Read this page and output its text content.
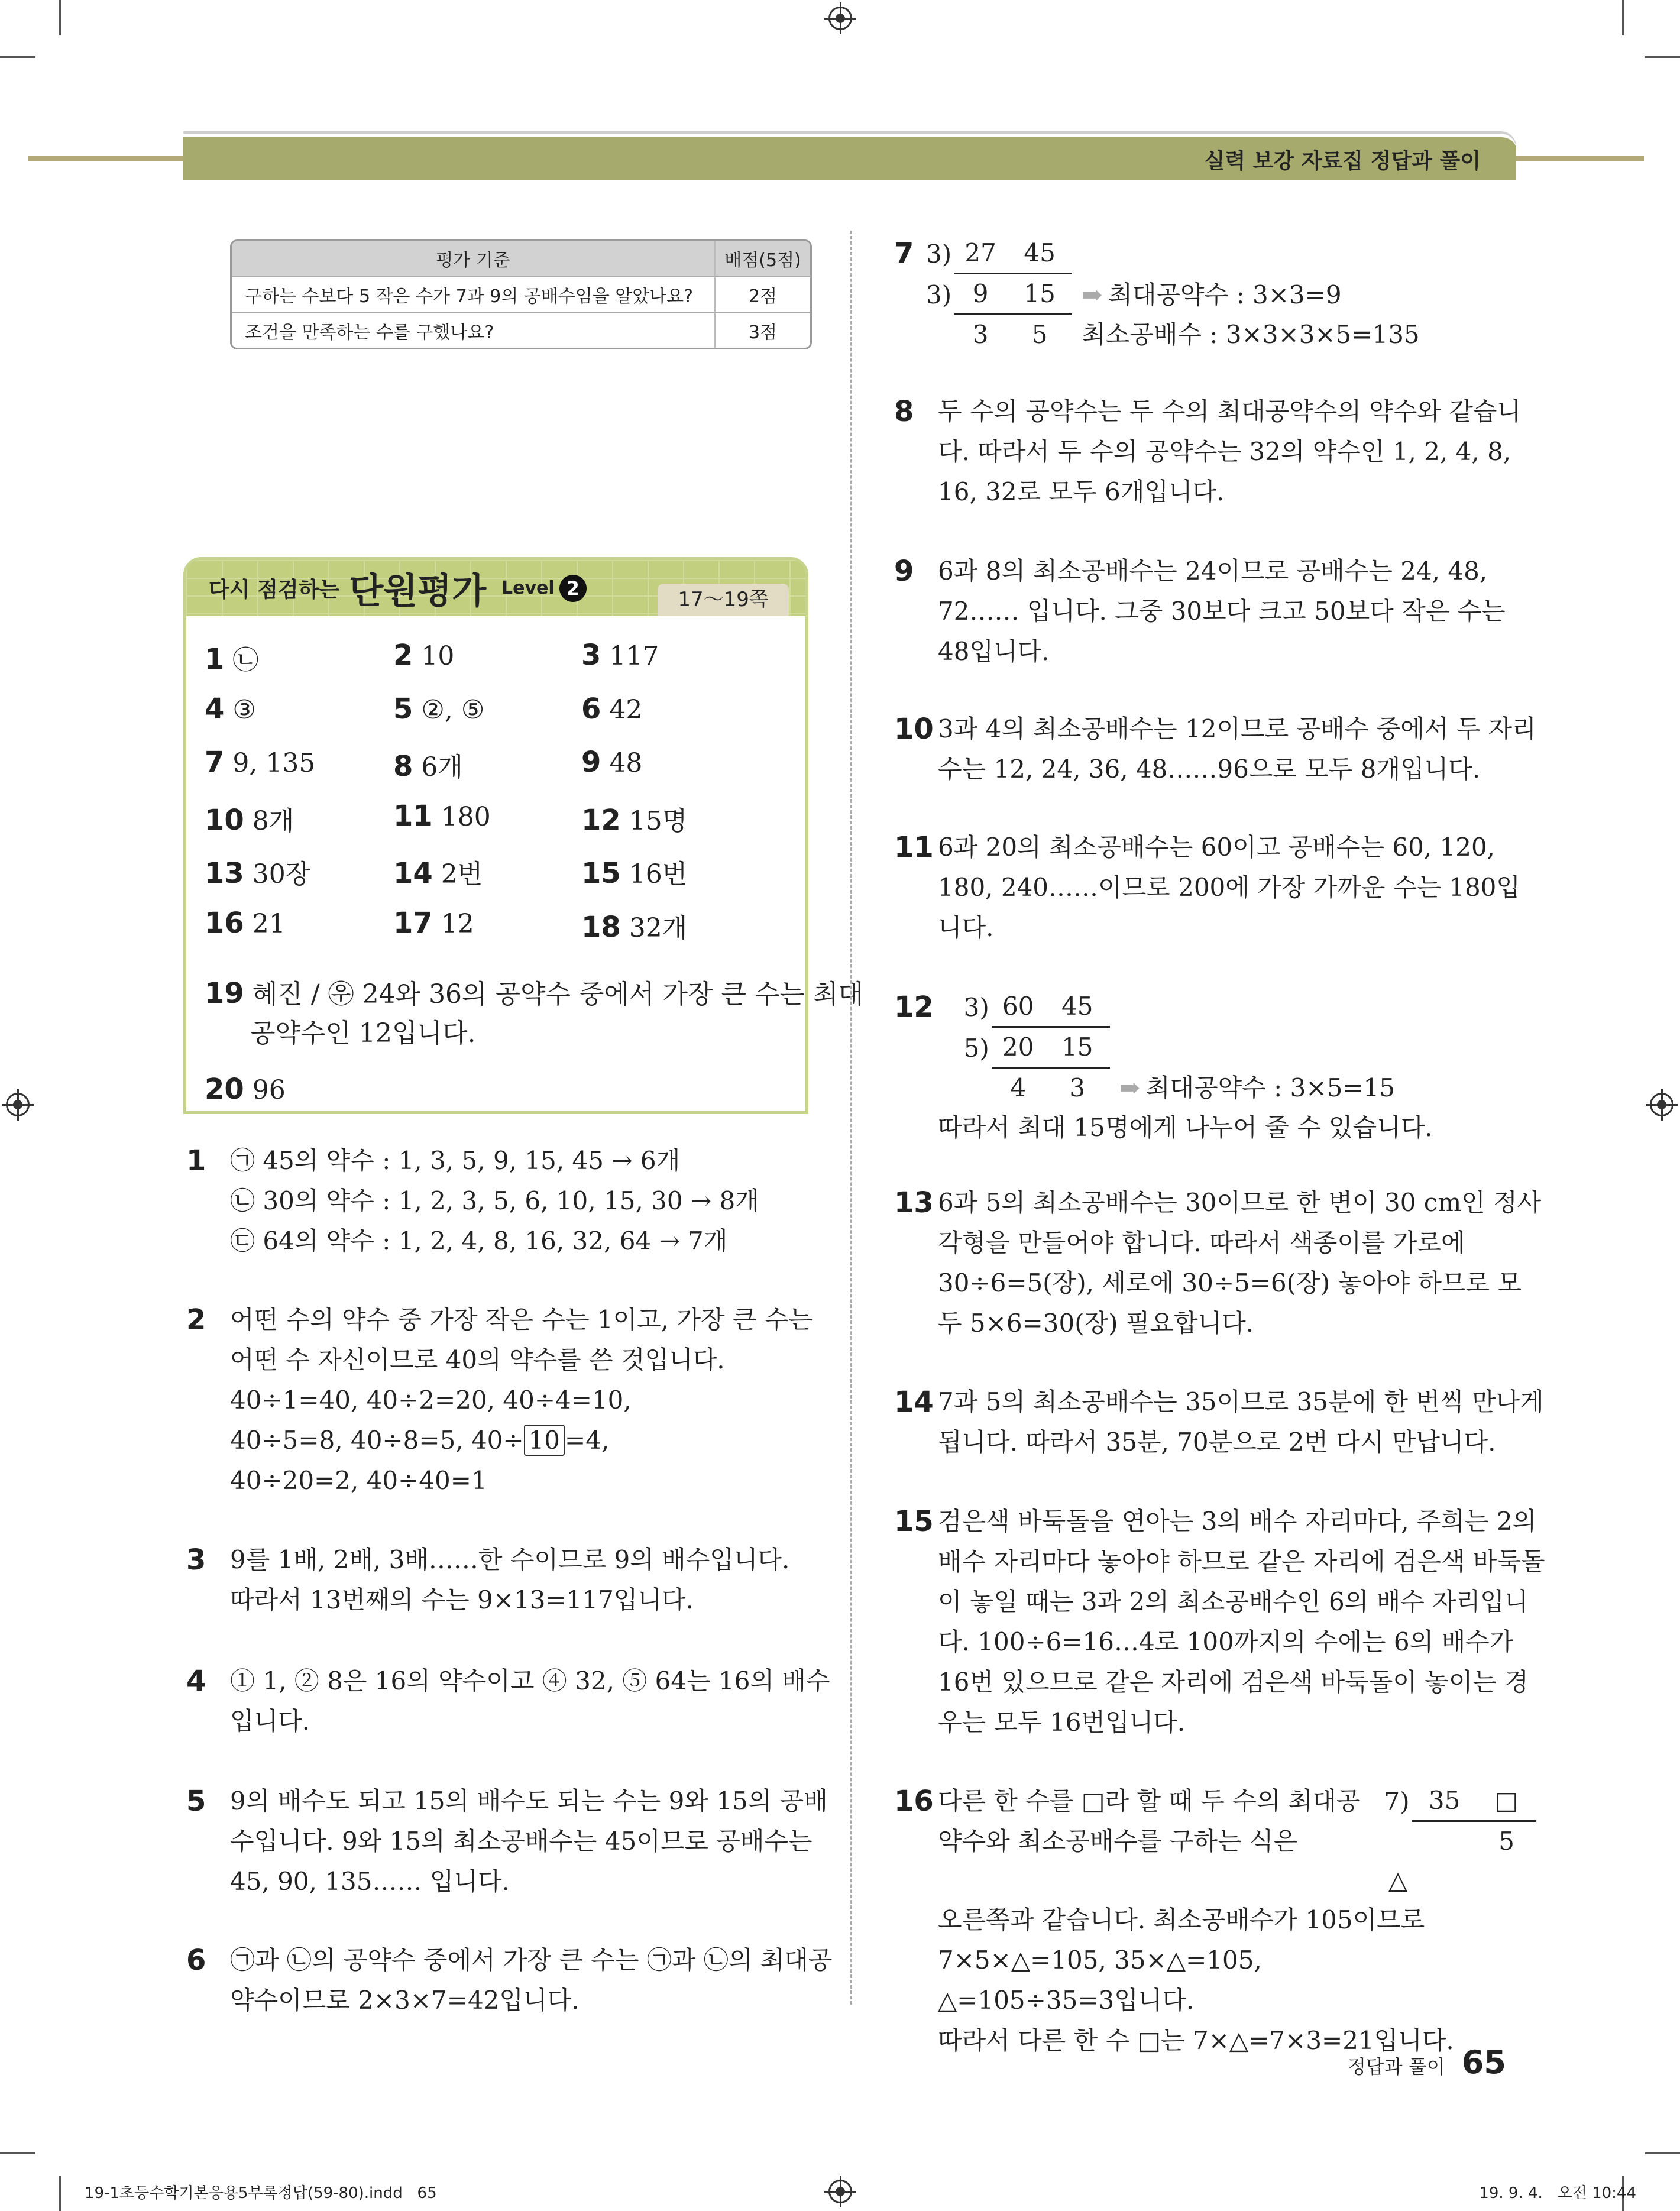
실력 보강 자료집 정답과 풀이
평가 기준	배점(5점)
구하는 수보다 5 작은 수가 7과 9의 공배수임을 알았나요?	2점
조건을 만족하는 수를 구했나요?	3점
다시 점검하는 단원평가 Level 2	17～19쪽
1 ㉡	2 10	3 117
4 ③	5 ②, ⑤	6 42
7 9, 135	8 6개	9 48
10 8개	11 180	12 15명
13 30장	14 2번	15 16번
16 21	17 12	18 32개
19 혜진 / ㉾ 24와 36의 공약수 중에서 가장 큰 수는 최대
공약수인 12입니다.
20 96
1 ㉠ 45의 약수 : 1, 3, 5, 9, 15, 45 → 6개
㉡ 30의 약수 : 1, 2, 3, 5, 6, 10, 15, 30 → 8개
㉢ 64의 약수 : 1, 2, 4, 8, 16, 32, 64 → 7개
2 어떤 수의 약수 중 가장 작은 수는 1이고, 가장 큰 수는
어떤 수 자신이므로 40의 약수를 쓴 것입니다.
40÷1=40, 40÷2=20, 40÷4=10,
40÷5=8, 40÷8=5, 40÷ 10 =4,
40÷20=2, 40÷40=1
3 9를 1배, 2배, 3배……한 수이므로 9의 배수입니다.
따라서 13번째의 수는 9×13=117입니다.
4 ① 1, ② 8은 16의 약수이고 ④ 32, ⑤ 64는 16의 배수
입니다.
5 9의 배수도 되고 15의 배수도 되는 수는 9와 15의 공배
수입니다. 9와 15의 최소공배수는 45이므로 공배수는
45, 90, 135…… 입니다.
6 ㉠과 ㉡의 공약수 중에서 가장 큰 수는 ㉠과 ㉡의 최대공
약수이므로 2×3×7=42입니다.
7 3) 27	45
3) 9	15	➡ 최대공약수 : 3×3=9
3	5	최소공배수 : 3×3×3×5=135
8 두 수의 공약수는 두 수의 최대공약수의 약수와 같습니
다. 따라서 두 수의 공약수는 32의 약수인 1, 2, 4, 8,
16, 32로 모두 6개입니다.
9 6과 8의 최소공배수는 24이므로 공배수는 24, 48,
72…… 입니다. 그중 30보다 크고 50보다 작은 수는
48입니다.
10 3과 4의 최소공배수는 12이므로 공배수 중에서 두 자리
수는 12, 24, 36, 48……96으로 모두 8개입니다.
11 6과 20의 최소공배수는 60이고 공배수는 60, 120,
180, 240……이므로 200에 가장 가까운 수는 180입
니다.
12	3) 60	45
5) 20	15
4	3	➡ 최대공약수 : 3×5=15
따라서 최대 15명에게 나누어 줄 수 있습니다.
13 6과 5의 최소공배수는 30이므로 한 변이 30 cm인 정사
각형을 만들어야 합니다. 따라서 색종이를 가로에
30÷6=5(장), 세로에 30÷5=6(장) 놓아야 하므로 모
두 5×6=30(장) 필요합니다.
14 7과 5의 최소공배수는 35이므로 35분에 한 번씩 만나게
됩니다. 따라서 35분, 70분으로 2번 다시 만납니다.
15 검은색 바둑돌을 연아는 3의 배수 자리마다, 주희는 2의
배수 자리마다 놓아야 하므로 같은 자리에 검은색 바둑돌
이 놓일 때는 3과 2의 최소공배수인 6의 배수 자리입니
다. 100÷6=16…4로 100까지의 수에는 6의 배수가
16번 있으므로 같은 자리에 검은색 바둑돌이 놓이는 경
우는 모두 16번입니다.
16 다른 한 수를 □라 할 때 두 수의 최대공
약수와 최소공배수를 구하는 식은
7) 35	□
5
△
오른쪽과 같습니다. 최소공배수가 105이므로
7×5×△=105, 35×△=105,
△=105÷35=3입니다.
따라서 다른 한 수 □는 7×△=7×3=21입니다.
정답과 풀이 65
19-1초등수학기본응용5부록정답(59-80).indd   65	19. 9. 4.   오전 10:44
